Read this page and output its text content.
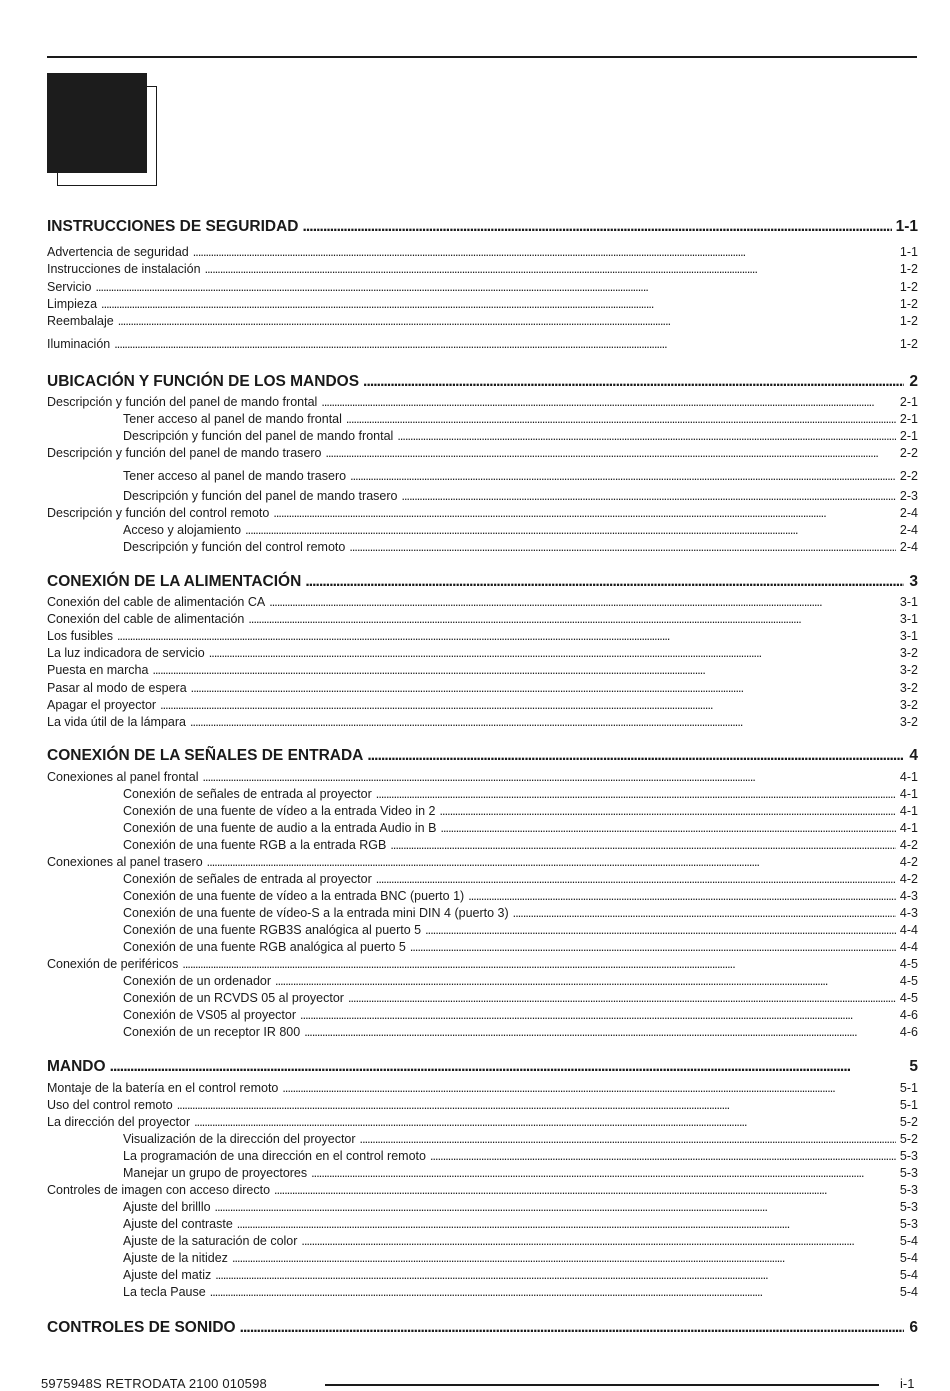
INSTRUCCIONES DE SEGURIDAD . . .	1-1
Advertencia de seguridad . . .	1-1
Instrucciones de instalación . . .	1-2
Servicio . . .	1-2
Limpieza . . .	1-2
Reembalaje . . .	1-2
Iluminación . . .	1-2
UBICACIÓN Y FUNCIÓN DE LOS MANDOS . . .	2
Descripción y función del panel de mando frontal . . .	2-1
Tener acceso al panel de mando frontal . . .	2-1
Descripción y función del panel de mando frontal . . .	2-1
Descripción y función del panel de mando trasero . . .	2-2
Tener acceso al panel de mando trasero . . .	2-2
Descripción y función del panel de mando trasero . . .	2-3
Descripción y función del control remoto . . .	2-4
Acceso y alojamiento . . .	2-4
Descripción y función del control remoto . . .	2-4
CONEXIÓN DE LA ALIMENTACIÓN . . .	3
Conexión del cable de alimentación CA . . .	3-1
Conexión del cable de alimentación . . .	3-1
Los fusibles . . .	3-1
La luz indicadora de servicio . . .	3-2
Puesta en marcha . . .	3-2
Pasar al modo de espera . . .	3-2
Apagar el proyector . . .	3-2
La vida útil de la lámpara . . .	3-2
CONEXIÓN DE LA SEÑALES DE ENTRADA . . .	4
Conexiones al panel frontal . . .	4-1
Conexión de señales de entrada al proyector . . .	4-1
Conexión de una fuente de vídeo a la entrada Video in 2 . . .	4-1
Conexión de una fuente de audio a la entrada Audio in B . . .	4-1
Conexión de una fuente RGB a la entrada RGB . . .	4-2
Conexiones al panel trasero . . .	4-2
Conexión de señales de entrada al proyector . . .	4-2
Conexión de una fuente de vídeo a la entrada BNC (puerto 1) . . .	4-3
Conexión de una fuente de vídeo-S a la entrada mini DIN 4 (puerto 3) . . .	4-3
Conexión de una fuente RGB3S analógica al puerto 5 . . .	4-4
Conexión de una fuente RGB analógica al puerto 5 . . .	4-4
Conexión de periféricos . . .	4-5
Conexión de un ordenador . . .	4-5
Conexión de un RCVDS 05 al proyector . . .	4-5
Conexión de VS05 al proyector . . .	4-6
Conexión de un receptor IR 800 . . .	4-6
MANDO . . .	5
Montaje de la batería en el control remoto . . .	5-1
Uso del control remoto . . .	5-1
La dirección del proyector . . .	5-2
Visualización de la dirección del proyector . . .	5-2
La programación de una dirección en el control remoto . . .	5-3
Manejar un grupo de proyectores . . .	5-3
Controles de imagen con acceso directo . . .	5-3
Ajuste del brilllo . . .	5-3
Ajuste del contraste . . .	5-3
Ajuste de la saturación de color . . .	5-4
Ajuste de la nitidez . . .	5-4
Ajuste del matiz . . .	5-4
La tecla Pause . . .	5-4
CONTROLES DE SONIDO . . .	6
5975948S RETRODATA 2100 010598	i-1
